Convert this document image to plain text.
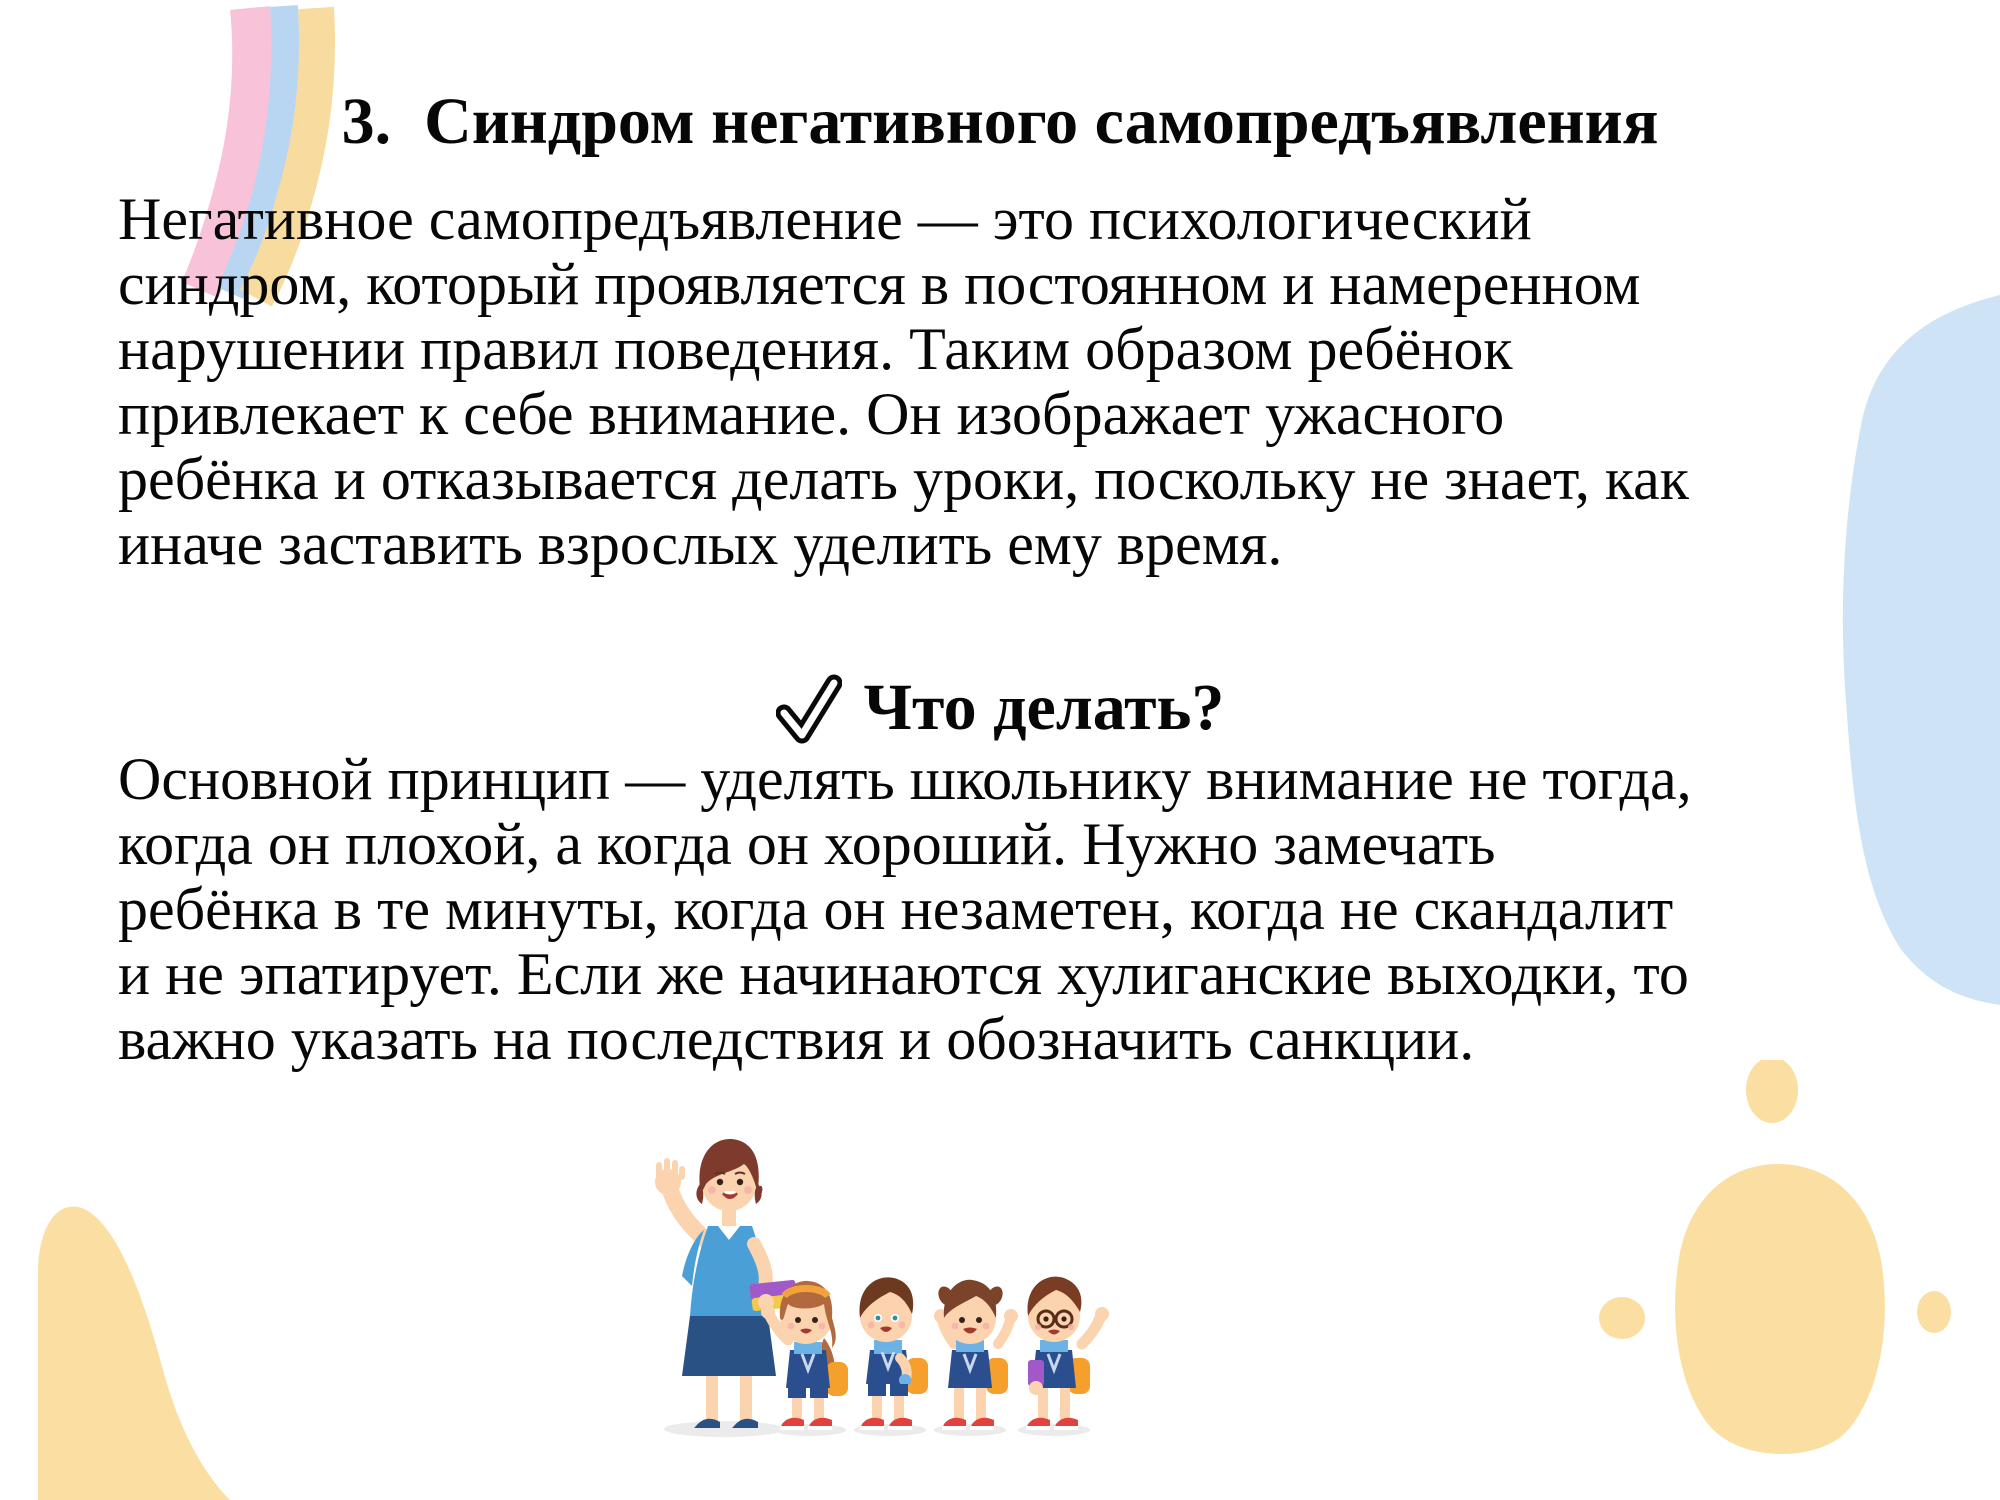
3.  Синдром негативного самопредъявления
Негативное самопредъявление — это психологический
синдром, который проявляется в постоянном и намеренном
нарушении правил поведения. Таким образом ребёнок
привлекает к себе внимание. Он изображает ужасного
ребёнка и отказывается делать уроки, поскольку не знает, как
иначе заставить взрослых уделить ему время.
Что делать?
Основной принцип — уделять школьнику внимание не тогда,
когда он плохой, а когда он хороший. Нужно замечать
ребёнка в те минуты, когда он незаметен, когда не скандалит
и не эпатирует. Если же начинаются хулиганские выходки, то
важно указать на последствия и обозначить санкции.
